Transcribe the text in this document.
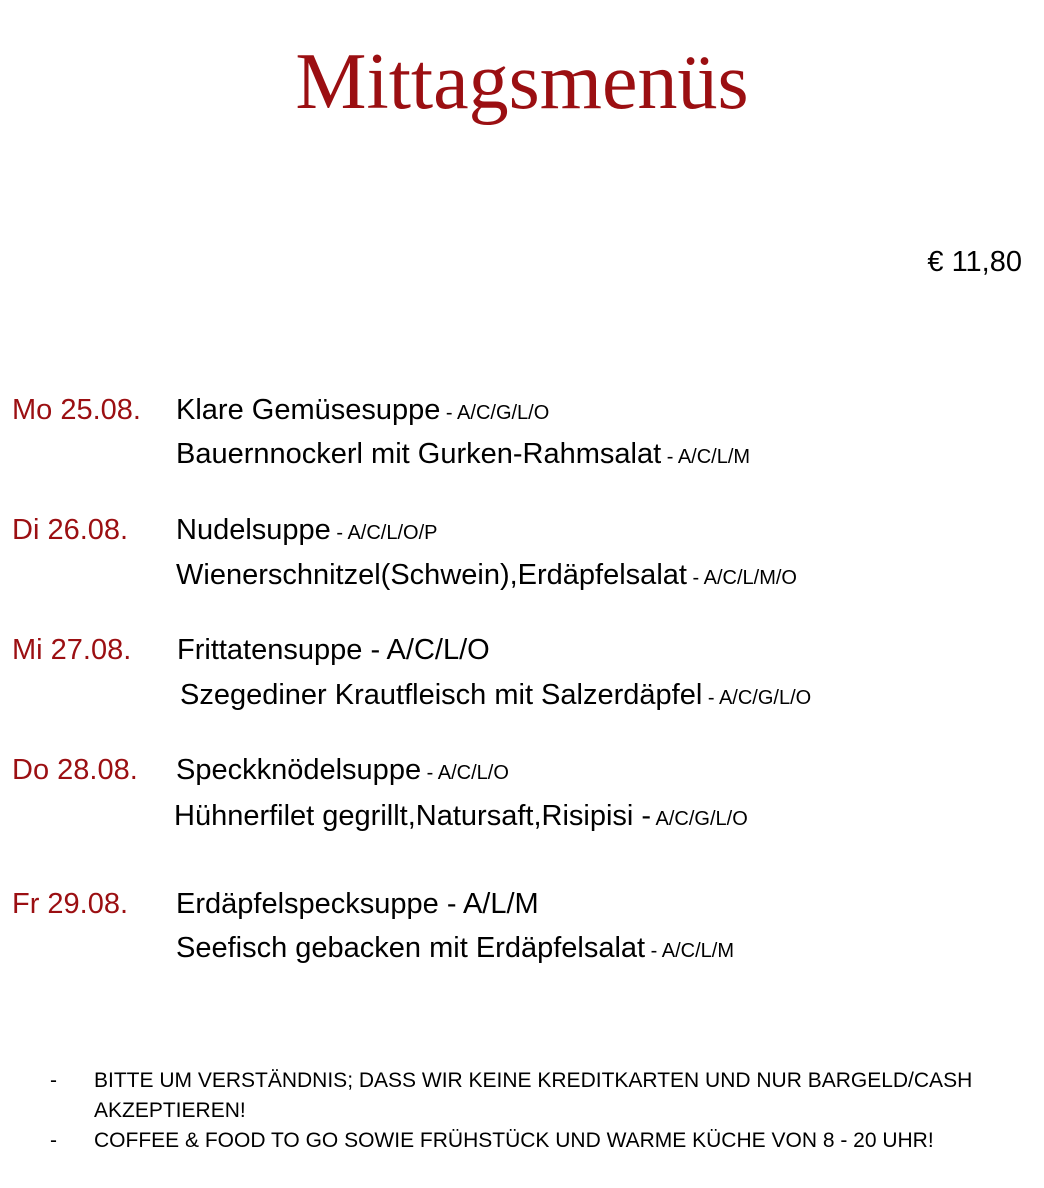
Mittagsmenüs
€ 11,80
Mo 25.08. Klare Gemüsesuppe - A/C/G/L/O
Bauernnockerl mit Gurken-Rahmsalat - A/C/L/M
Di 26.08. Nudelsuppe - A/C/L/O/P
Wienerschnitzel(Schwein),Erdäpfelsalat - A/C/L/M/O
Mi 27.08. Frittatensuppe - A/C/L/O
Szegediner Krautfleisch mit Salzerdäpfel - A/C/G/L/O
Do 28.08. Speckknödelsuppe - A/C/L/O
Hühnerfilet gegrillt,Natursaft,Risipisi - A/C/G/L/O
Fr 29.08. Erdäpfelspecksuppe - A/L/M
Seefisch gebacken mit Erdäpfelsalat - A/C/L/M
- BITTE UM VERSTÄNDNIS; DASS WIR KEINE KREDITKARTEN UND NUR BARGELD/CASH AKZEPTIEREN!
- COFFEE & FOOD TO GO SOWIE FRÜHSTÜCK UND WARME KÜCHE VON 8 - 20 UHR!
